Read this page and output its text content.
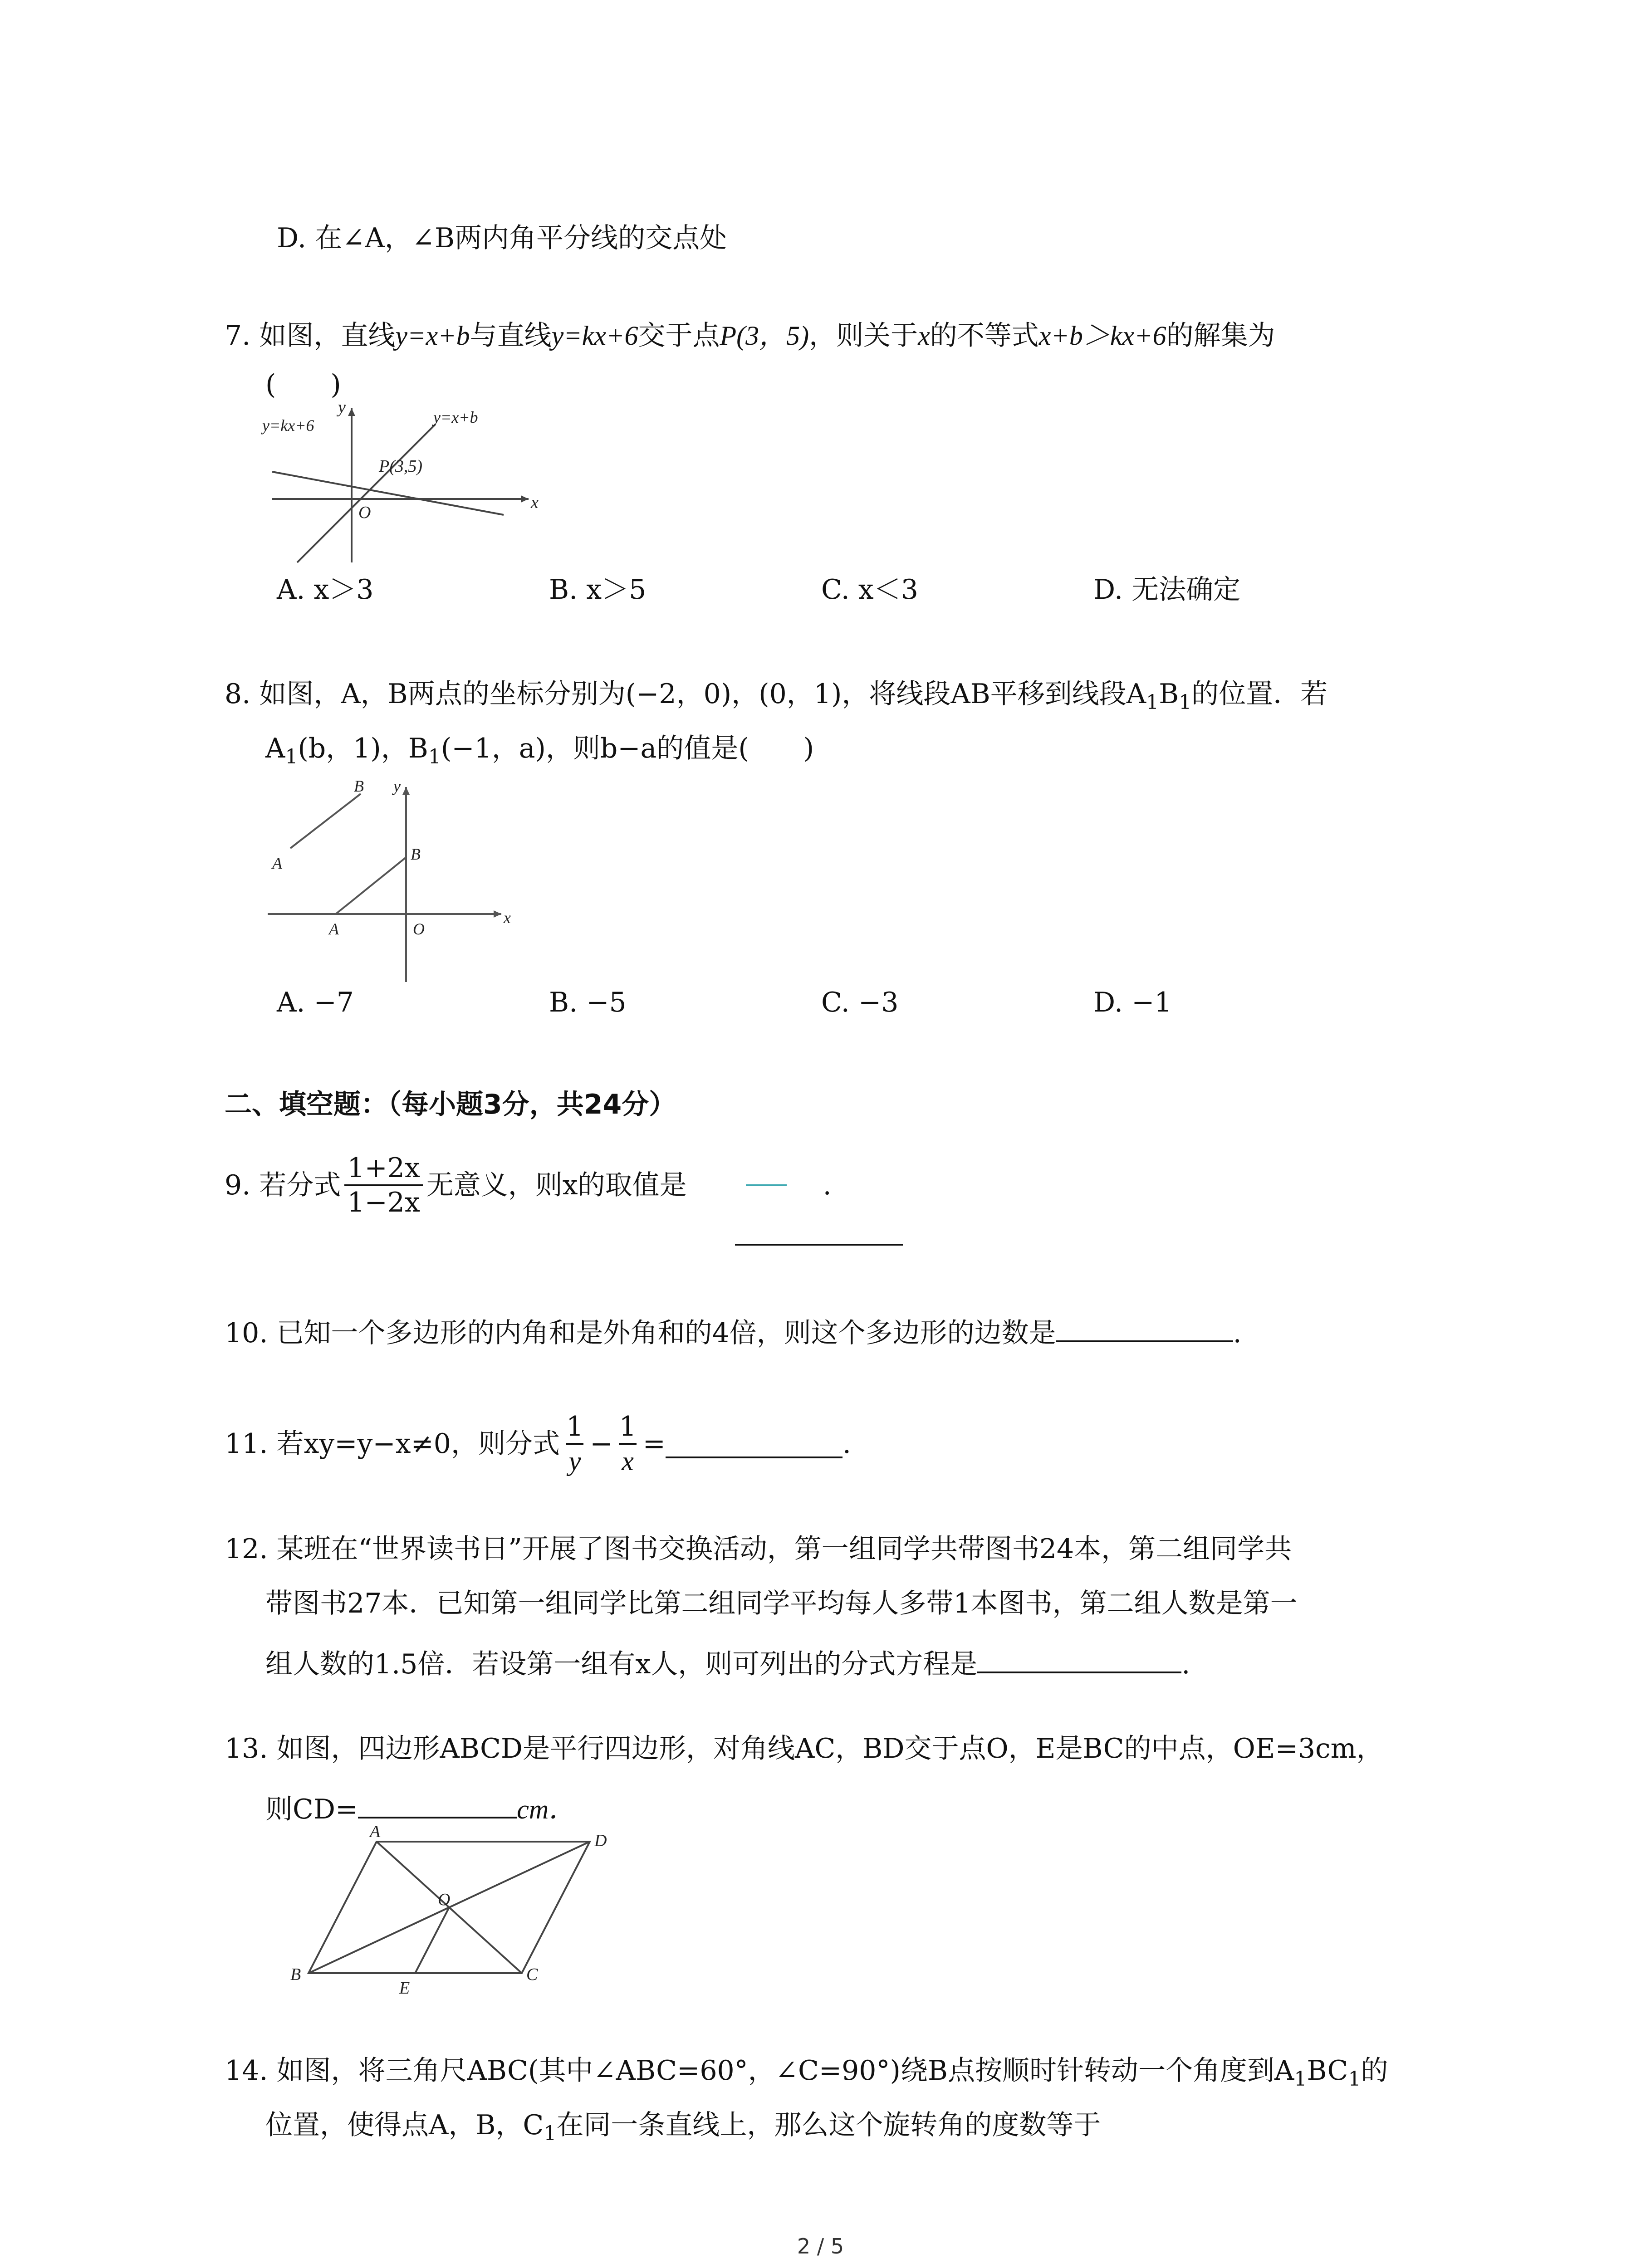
D. 在∠A，∠B两内角平分线的交点处
7. 如图，直线y=x+b与直线y=kx+6交于点P(3，5)，则关于x的不等式x+b＞kx+6的解集为
(　　)
y=kx+6	y=x+b
P(3,5)
O
x
y
A. x＞3	B. x＞5	C. x＜3	D. 无法确定
8. 如图，A，B两点的坐标分别为(−2，0)，(0，1)，将线段AB平移到线段$A_1B_1$的位置．若
$A_1(b$，1)，$B_1(-1$，a)，则b−a的值是(　　)
A
B
B
A	O
x
y
A. −7	B. −5	C. −3	D. −1
二、填空题：（每小题3分，共24分）
9.
若分式 $\frac{1+2x}{1-2x}$ 无意义，则x的取值是	.
10. 已知一个多边形的内角和是外角和的4倍，则这个多边形的边数是	.
11. 若xy=y−x≠0，则分式 $\frac{1}{y} - \frac{1}{x}$ =	.
12. 某班在“世界读书日”开展了图书交换活动，第一组同学共带图书24本，第二组同学共
带图书27本．已知第一组同学比第二组同学平均每人多带1本图书，第二组人数是第一
组人数的1.5倍．若设第一组有x人，则可列出的分式方程是	.
13. 如图，四边形ABCD是平行四边形，对角线AC，BD交于点O，E是BC的中点，OE=3cm，
则CD=	cm．
A	D
O
B	C
E
14. 如图，将三角尺ABC(其中∠ABC=60°，∠C=90°)绕B点按顺时针转动一个角度到$A_1BC_1$的
位置，使得点A，B，$C_1$在同一条直线上，那么这个旋转角的度数等于
2 / 5
